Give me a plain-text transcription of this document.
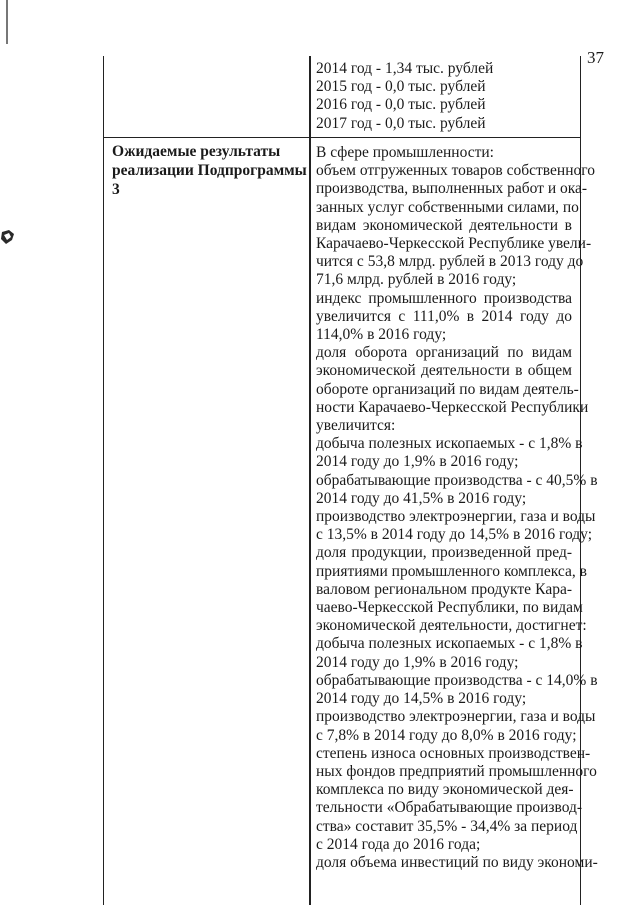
37
2014 год - 1,34 тыс. рублей
2015 год - 0,0 тыс. рублей
2016 год - 0,0 тыс. рублей
2017 год - 0,0 тыс. рублей
Ожидаемые результаты
реализации Подпрограммы 3
В сфере промышленности:
объем отгруженных товаров собственного
производства, выполненных работ и ока-
занных услуг собственными силами, по
видам экономической деятельности в
Карачаево-Черкесской Республике увели-
чится с 53,8 млрд. рублей в 2013 году до
71,6 млрд. рублей в 2016 году;
индекс промышленного производства
увеличится с 111,0% в 2014 году до
114,0% в 2016 году;
доля оборота организаций по видам
экономической деятельности в общем
обороте организаций по видам деятель-
ности Карачаево-Черкесской Республики
увеличится:
добыча полезных ископаемых - с 1,8% в
2014 году до 1,9% в 2016 году;
обрабатывающие производства - с 40,5% в
2014 году до 41,5% в 2016 году;
производство электроэнергии, газа и воды
с 13,5% в 2014 году до 14,5% в 2016 году;
доля продукции, произведенной пред-
приятиями промышленного комплекса, в
валовом региональном продукте Кара-
чаево-Черкесской Республики, по видам
экономической деятельности, достигнет:
добыча полезных ископаемых - с 1,8% в
2014 году до 1,9% в 2016 году;
обрабатывающие производства - с 14,0% в
2014 году до 14,5% в 2016 году;
производство электроэнергии, газа и воды
с 7,8% в 2014 году до 8,0% в 2016 году;
степень износа основных производствен-
ных фондов предприятий промышленного
комплекса по виду экономической дея-
тельности «Обрабатывающие производ-
ства» составит 35,5% - 34,4% за период
с 2014 года до 2016 года;
доля объема инвестиций по виду экономи-
